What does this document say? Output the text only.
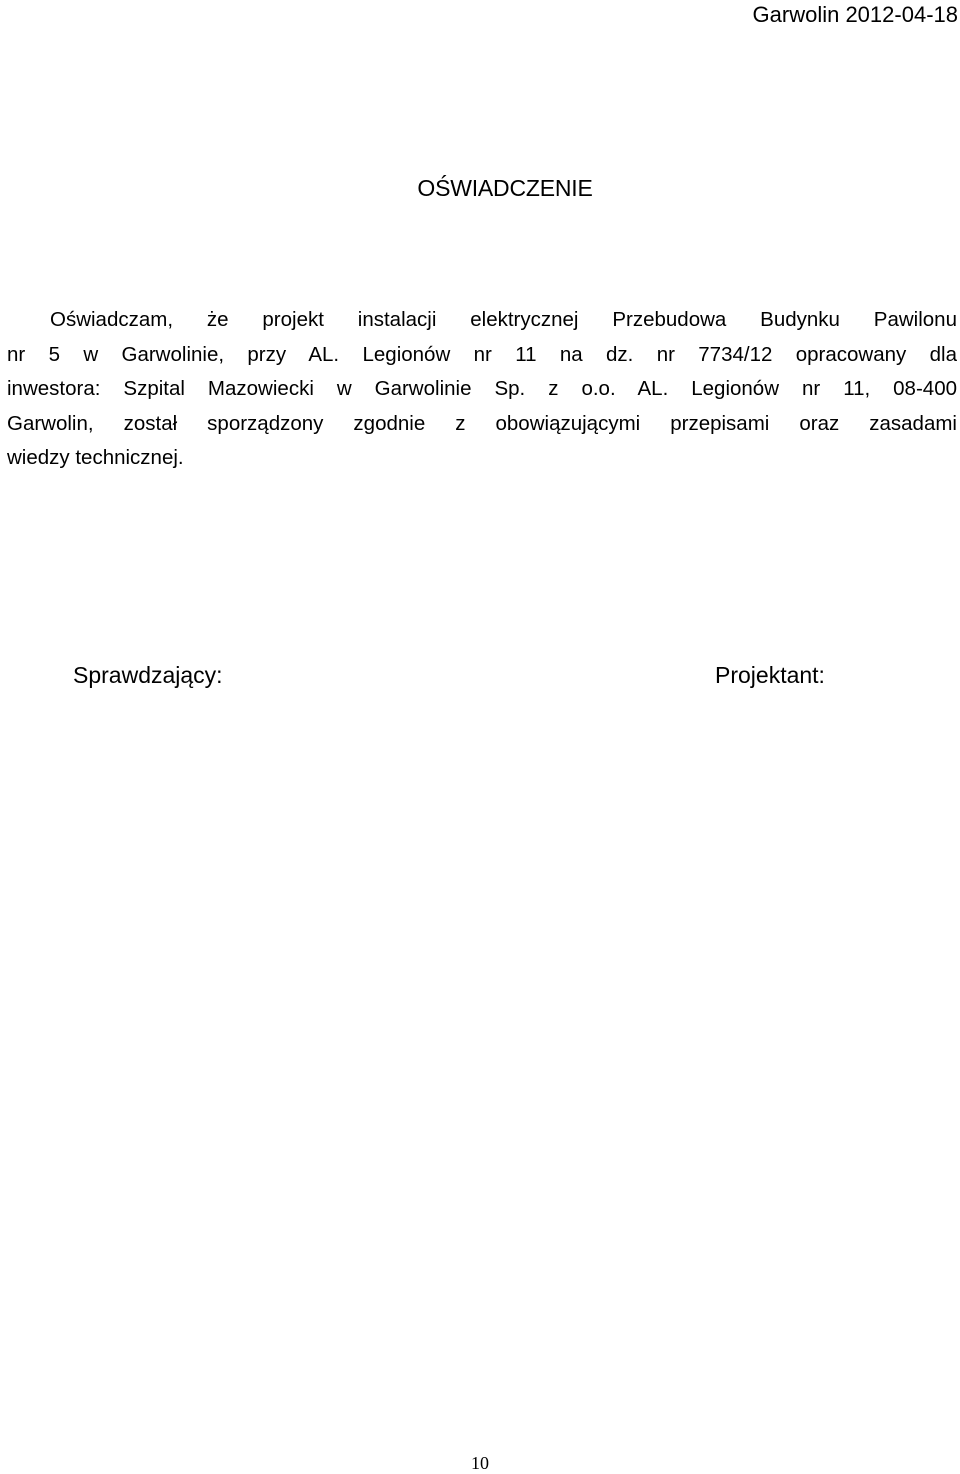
Garwolin 2012-04-18
OŚWIADCZENIE
Oświadczam, że projekt instalacji elektrycznej Przebudowa Budynku Pawilonu
nr 5 w Garwolinie, przy AL. Legionów nr 11 na dz. nr 7734/12 opracowany dla
inwestora: Szpital Mazowiecki w Garwolinie Sp. z o.o. AL. Legionów nr 11, 08-400
Garwolin, został sporządzony zgodnie z obowiązującymi przepisami oraz zasadami
wiedzy technicznej.
Sprawdzający:	Projektant:
10
